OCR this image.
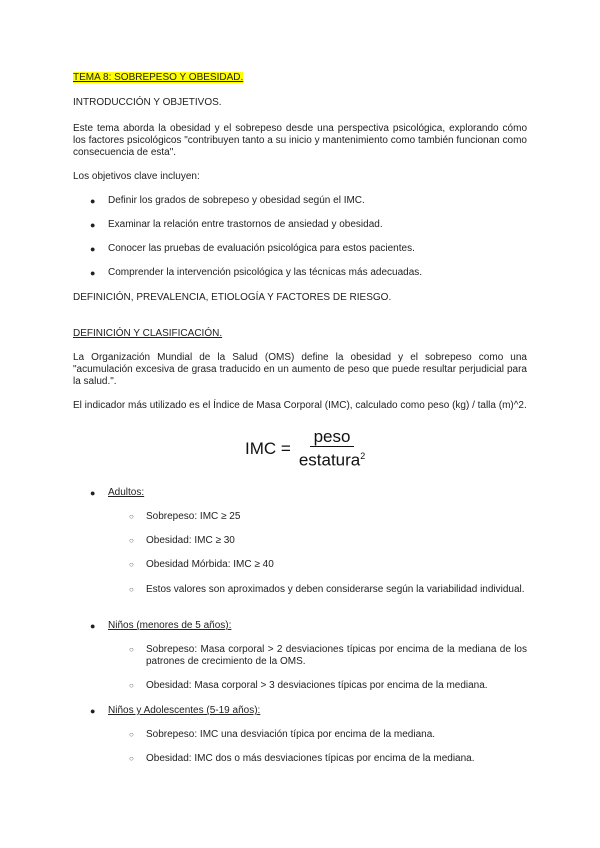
TEMA 8: SOBREPESO Y OBESIDAD.
INTRODUCCIÓN Y OBJETIVOS.
Este tema aborda la obesidad y el sobrepeso desde una perspectiva psicológica, explorando cómo los factores psicológicos "contribuyen tanto a su inicio y mantenimiento como también funcionan como consecuencia de esta".
Los objetivos clave incluyen:
● Definir los grados de sobrepeso y obesidad según el IMC.
● Examinar la relación entre trastornos de ansiedad y obesidad.
● Conocer las pruebas de evaluación psicológica para estos pacientes.
● Comprender la intervención psicológica y las técnicas más adecuadas.
DEFINICIÓN, PREVALENCIA, ETIOLOGÍA Y FACTORES DE RIESGO.
DEFINICIÓN Y CLASIFICACIÓN.
La Organización Mundial de la Salud (OMS) define la obesidad y el sobrepeso como una "acumulación excesiva de grasa traducido en un aumento de peso que puede resultar perjudicial para la salud.".
El indicador más utilizado es el Índice de Masa Corporal (IMC), calculado como peso (kg) / talla (m)^2.
IMC = $\frac{\text{peso}}{estatura^2}$
● Adultos:
○ Sobrepeso: IMC ≥ 25
○ Obesidad: IMC ≥ 30
○ Obesidad Mórbida: IMC ≥ 40
○ Estos valores son aproximados y deben considerarse según la variabilidad individual.
● Niños (menores de 5 años):
○ Sobrepeso: Masa corporal > 2 desviaciones típicas por encima de la mediana de los patrones de crecimiento de la OMS.
○ Obesidad: Masa corporal > 3 desviaciones típicas por encima de la mediana.
● Niños y Adolescentes (5-19 años):
○ Sobrepeso: IMC una desviación típica por encima de la mediana.
○ Obesidad: IMC dos o más desviaciones típicas por encima de la mediana.
